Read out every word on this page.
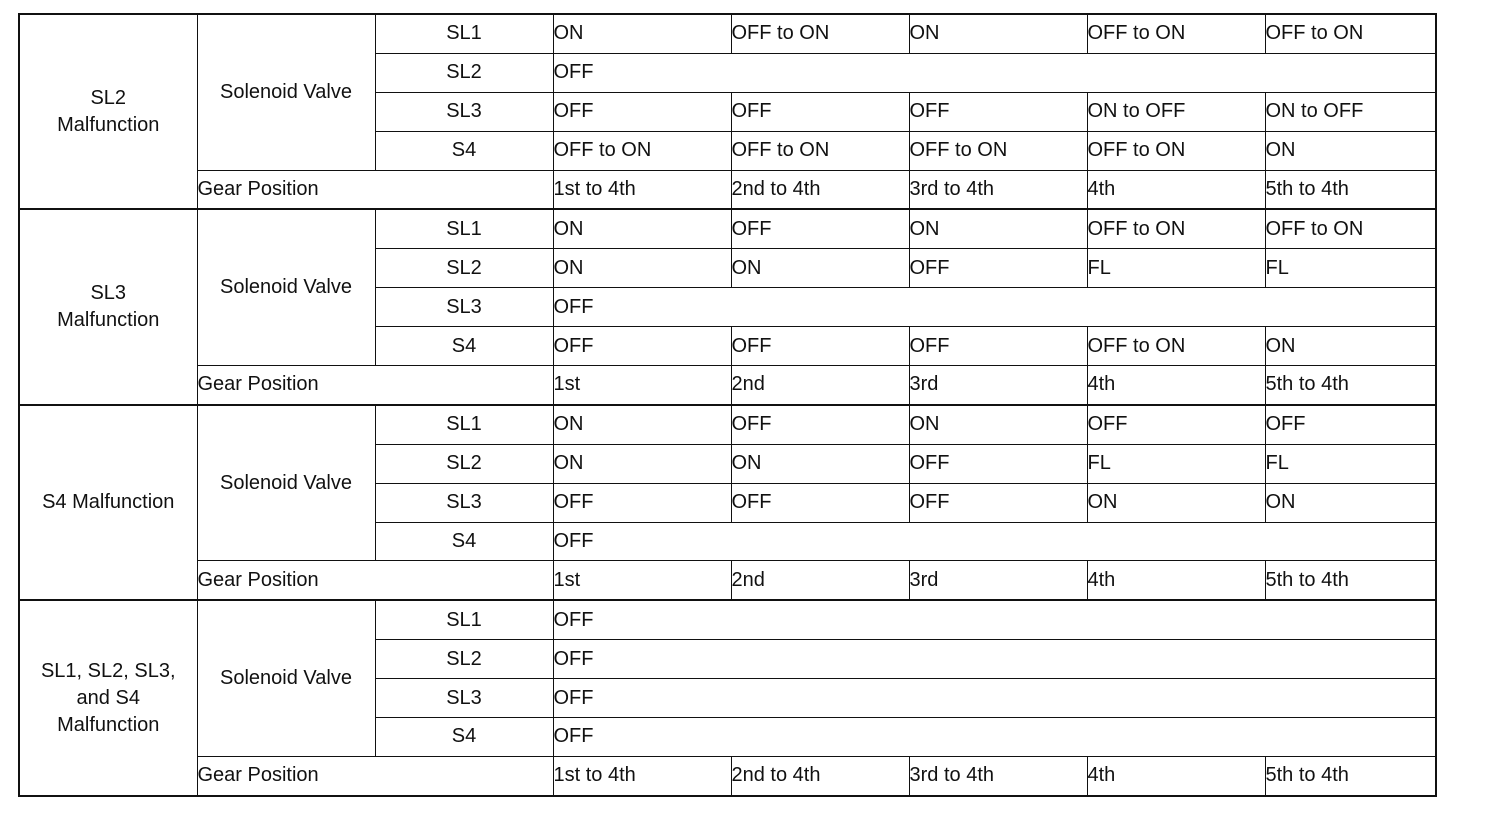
SL2
Malfunction	Solenoid Valve	SL1	ON	OFF to ON	ON	OFF to ON	OFF to ON
		SL2	OFF				
		SL3	OFF	OFF	OFF	ON to OFF	ON to OFF
		S4	OFF to ON	OFF to ON	OFF to ON	OFF to ON	ON
	Gear Position		1st to 4th	2nd to 4th	3rd to 4th	4th	5th to 4th

SL3
Malfunction	Solenoid Valve	SL1	ON	OFF	ON	OFF to ON	OFF to ON
		SL2	ON	ON	OFF	FL	FL
		SL3	OFF				
		S4	OFF	OFF	OFF	OFF to ON	ON
	Gear Position		1st	2nd	3rd	4th	5th to 4th

S4 Malfunction	Solenoid Valve	SL1	ON	OFF	ON	OFF	OFF
		SL2	ON	ON	OFF	FL	FL
		SL3	OFF	OFF	OFF	ON	ON
		S4	OFF				
	Gear Position		1st	2nd	3rd	4th	5th to 4th

SL1, SL2, SL3,
and S4
Malfunction	Solenoid Valve	SL1	OFF				
		SL2	OFF				
		SL3	OFF				
		S4	OFF				
	Gear Position		1st to 4th	2nd to 4th	3rd to 4th	4th	5th to 4th
